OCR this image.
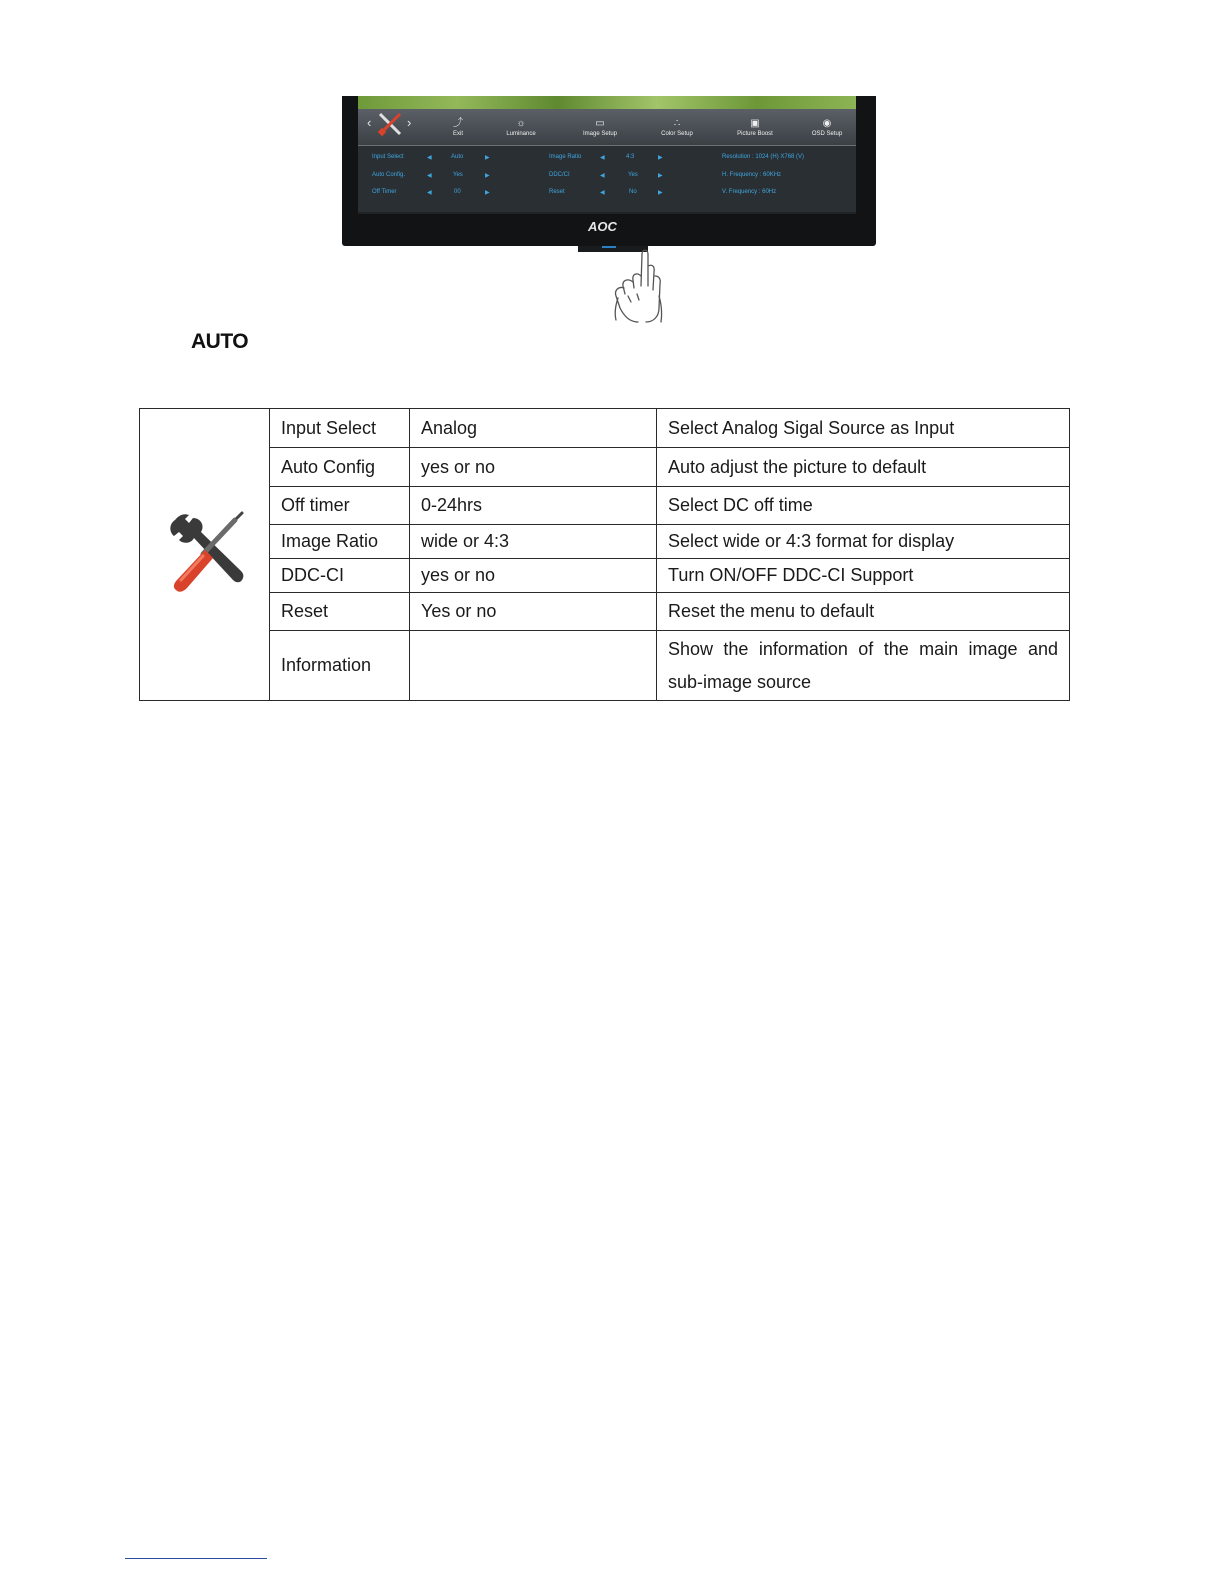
‹	›	⤴
Exit
☼
Luminance
▭
Image Setup
∴
Color Setup
▣
Picture Boost
◉
OSD Setup
Input Select	◀	Auto	▶
Auto Config.	◀	Yes	▶
Off Timer	◀	00	▶
Image Ratio	◀	4:3	▶
DDC/CI	◀	Yes	▶
Reset	◀	No	▶
Resolution : 1024 (H) X768 (V)
H. Frequency : 60KHz
V. Frequency : 60Hz
AOC
AUTO
	Input Select	Analog	Select Analog Sigal Source as Input
	Auto Config	yes or no	Auto adjust the picture to default
	Off timer	0-24hrs	Select DC off time
	Image Ratio	wide or 4:3	Select wide or 4:3 format for display
	DDC-CI	yes or no	Turn ON/OFF DDC-CI Support
	Reset	Yes or no	Reset the menu to default
	Information		Show the information of the main image and sub-image source
